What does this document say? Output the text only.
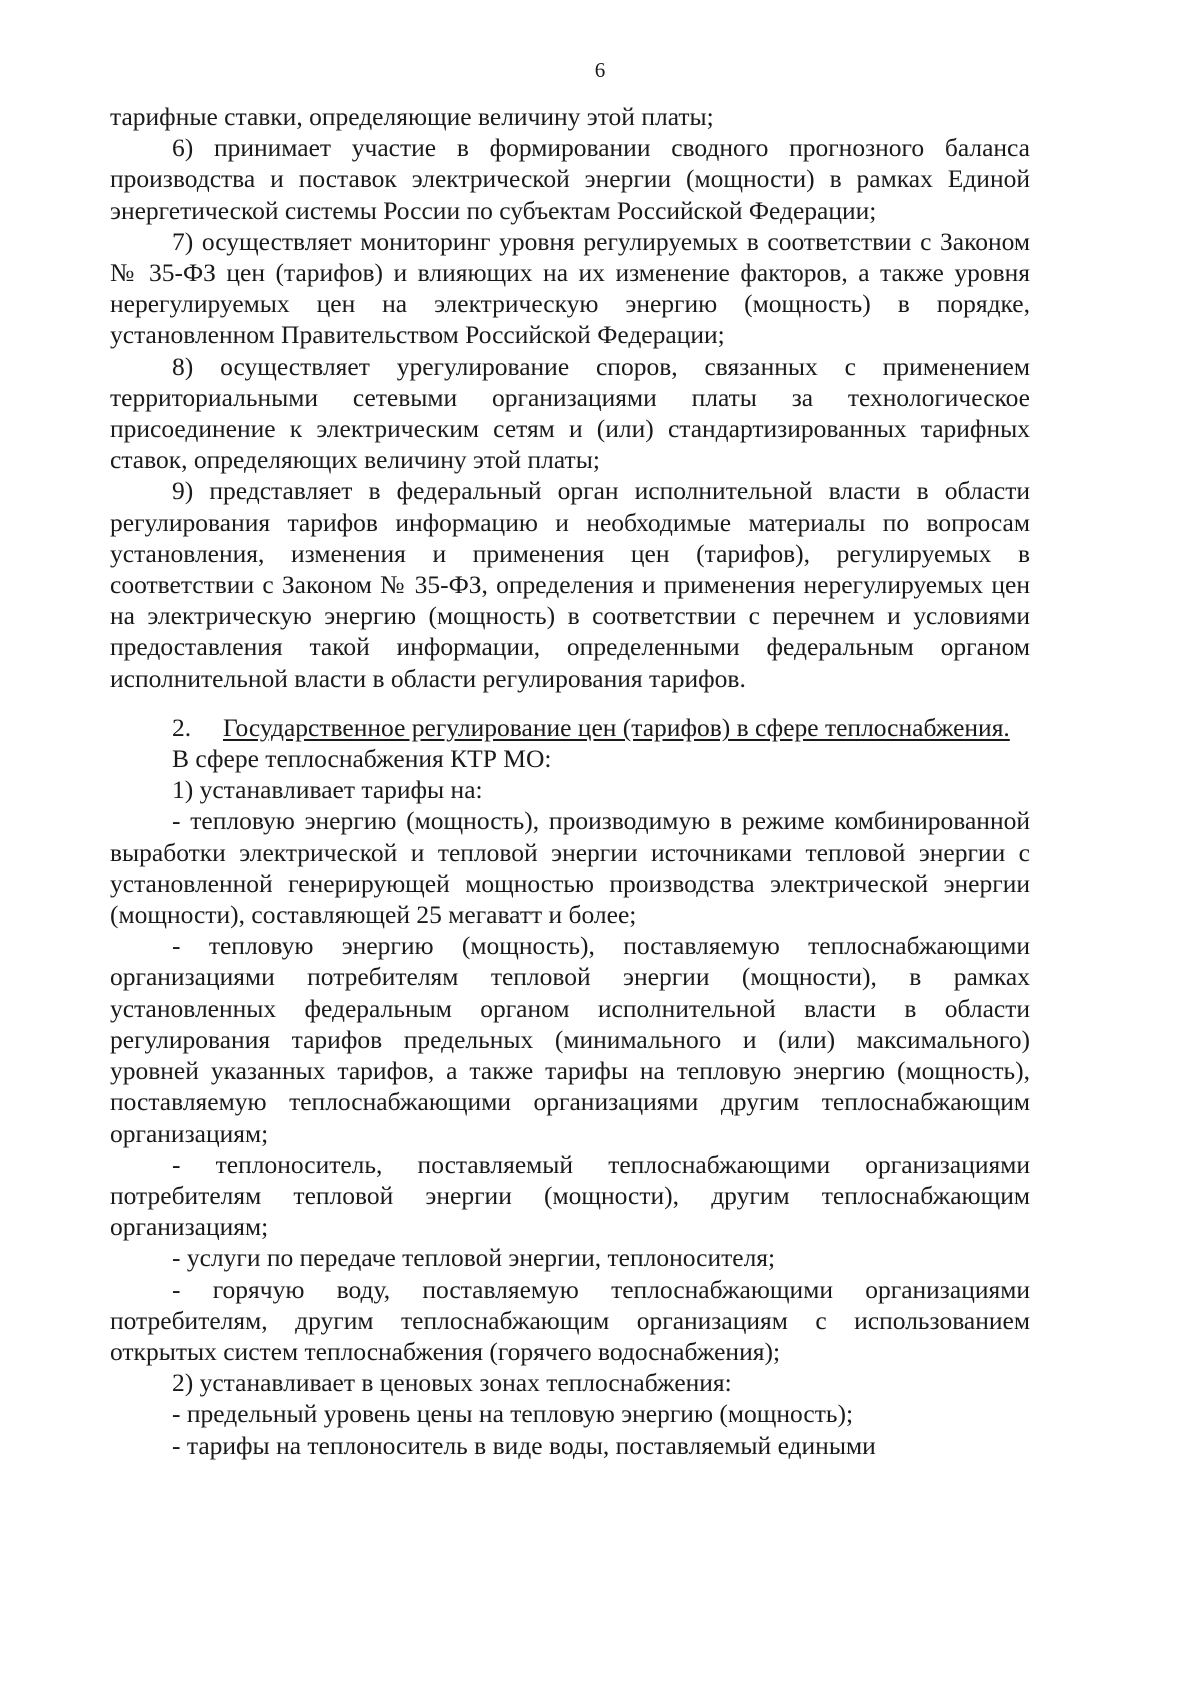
6

тарифные ставки, определяющие величину этой платы;

6) принимает участие в формировании сводного прогнозного баланса производства и поставок электрической энергии (мощности) в рамках Единой энергетической системы России по субъектам Российской Федерации;

7) осуществляет мониторинг уровня регулируемых в соответствии с Законом № 35-ФЗ цен (тарифов) и влияющих на их изменение факторов, а также уровня нерегулируемых цен на электрическую энергию (мощность) в порядке, установленном Правительством Российской Федерации;

8) осуществляет урегулирование споров, связанных с применением территориальными сетевыми организациями платы за технологическое присоединение к электрическим сетям и (или) стандартизированных тарифных ставок, определяющих величину этой платы;

9) представляет в федеральный орган исполнительной власти в области регулирования тарифов информацию и необходимые материалы по вопросам установления, изменения и применения цен (тарифов), регулируемых в соответствии с Законом № 35-ФЗ, определения и применения нерегулируемых цен на электрическую энергию (мощность) в соответствии с перечнем и условиями предоставления такой информации, определенными федеральным органом исполнительной власти в области регулирования тарифов.

2. Государственное регулирование цен (тарифов) в сфере теплоснабжения.

В сфере теплоснабжения КТР МО:

1) устанавливает тарифы на:

- тепловую энергию (мощность), производимую в режиме комбинированной выработки электрической и тепловой энергии источниками тепловой энергии с установленной генерирующей мощностью производства электрической энергии (мощности), составляющей 25 мегаватт и более;

- тепловую энергию (мощность), поставляемую теплоснабжающими организациями потребителям тепловой энергии (мощности), в рамках установленных федеральным органом исполнительной власти в области регулирования тарифов предельных (минимального и (или) максимального) уровней указанных тарифов, а также тарифы на тепловую энергию (мощность), поставляемую теплоснабжающими организациями другим теплоснабжающим организациям;

- теплоноситель, поставляемый теплоснабжающими организациями потребителям тепловой энергии (мощности), другим теплоснабжающим организациям;

- услуги по передаче тепловой энергии, теплоносителя;

- горячую воду, поставляемую теплоснабжающими организациями потребителям, другим теплоснабжающим организациям с использованием открытых систем теплоснабжения (горячего водоснабжения);

2) устанавливает в ценовых зонах теплоснабжения:

- предельный уровень цены на тепловую энергию (мощность);

- тарифы на теплоноситель в виде воды, поставляемый едиными
